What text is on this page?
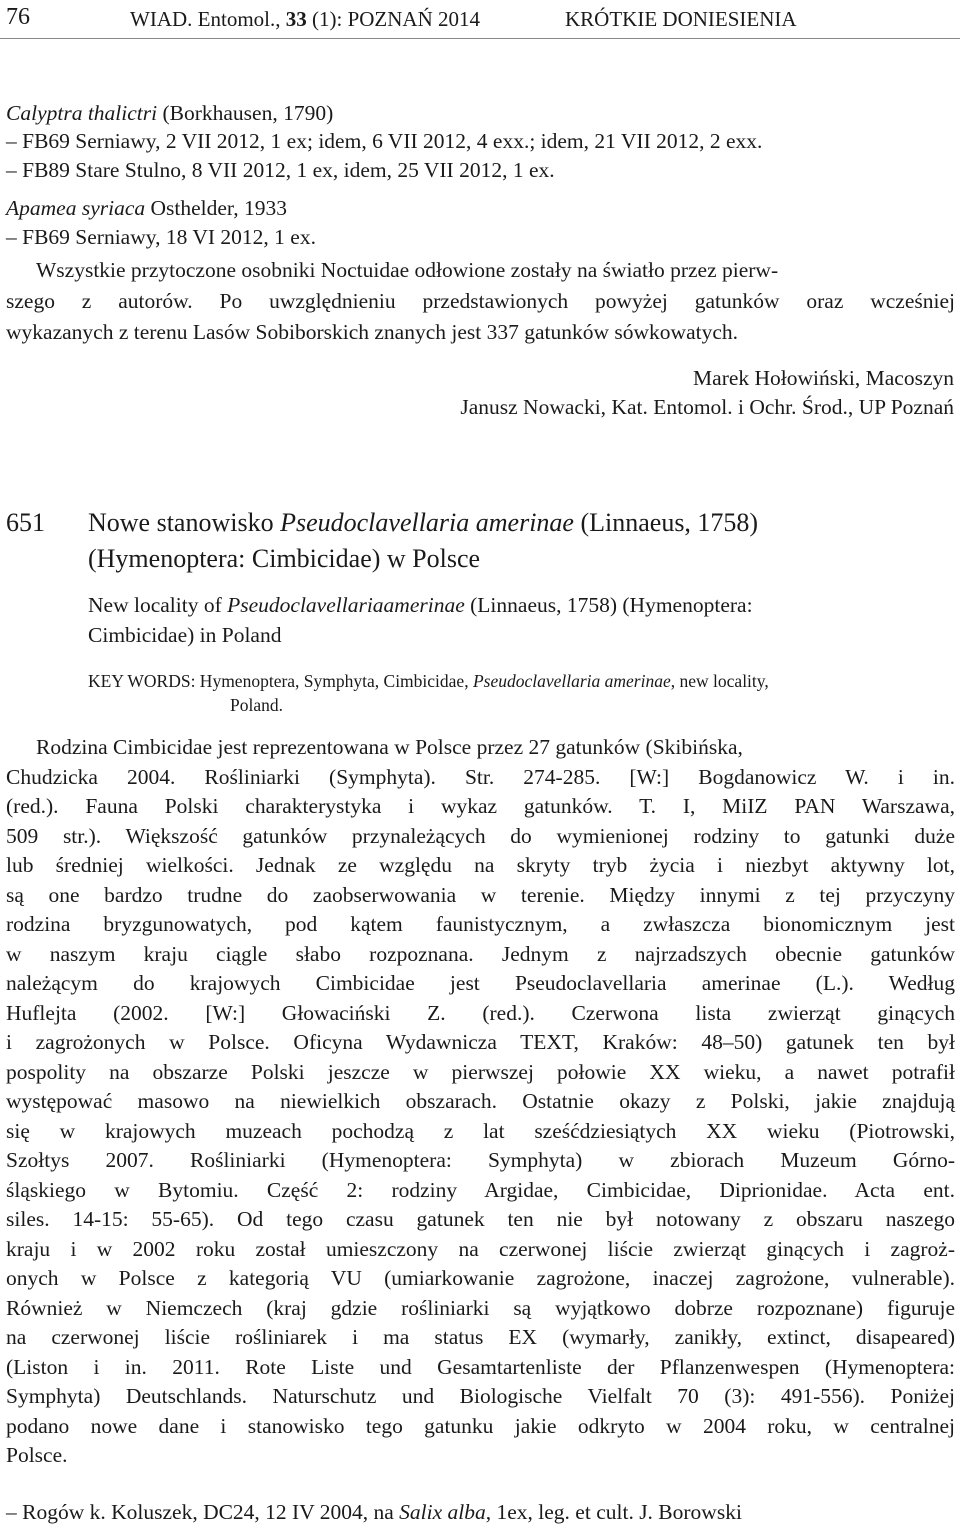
76	WIAD. Entomol., 33 (1): POZNAŃ 2014	KRÓTKIE DONIESIENIA
Calyptra thalictri (Borkhausen, 1790)
– FB69 Serniawy, 2 VII 2012, 1 ex; idem, 6 VII 2012, 4 exx.; idem, 21 VII 2012, 2 exx.
– FB89 Stare Stulno, 8 VII 2012, 1 ex, idem, 25 VII 2012, 1 ex.
Apamea syriaca Osthelder, 1933
– FB69 Serniawy, 18 VI 2012, 1 ex.
Wszystkie przytoczone osobniki Noctuidae odłowione zostały na światło przez pierw-
szego z autorów. Po uwzględnieniu przedstawionych powyżej gatunków oraz wcześniej
wykazanych z terenu Lasów Sobiborskich znanych jest 337 gatunków sówkowatych.
Marek Hołowiński, Macoszyn
Janusz Nowacki, Kat. Entomol. i Ochr. Środ., UP Poznań
651 Nowe stanowisko Pseudoclavellaria amerinae (Linnaeus, 1758)
(Hymenoptera: Cimbicidae) w Polsce
New locality of Pseudoclavellariaamerinae (Linnaeus, 1758) (Hymenoptera:
Cimbicidae) in Poland
KEY WORDS: Hymenoptera, Symphyta, Cimbicidae, Pseudoclavellaria amerinae, new locality,
Poland.
Rodzina Cimbicidae jest reprezentowana w Polsce przez 27 gatunków (Skibińska,
Chudzicka 2004. Rośliniarki (Symphyta). Str. 274-285. [W:] Bogdanowicz W. i in.
(red.). Fauna Polski charakterystyka i wykaz gatunków. T. I, MiIZ PAN Warszawa,
509 str.). Większość gatunków przynależących do wymienionej rodziny to gatunki duże
lub średniej wielkości. Jednak ze względu na skryty tryb życia i niezbyt aktywny lot,
są one bardzo trudne do zaobserwowania w terenie. Między innymi z tej przyczyny
rodzina bryzgunowatych, pod kątem faunistycznym, a zwłaszcza bionomicznym jest
w naszym kraju ciągle słabo rozpoznana. Jednym z najrzadszych obecnie gatunków
należącym do krajowych Cimbicidae jest Pseudoclavellaria amerinae (L.). Według
Huflejta (2002. [W:] Głowaciński Z. (red.). Czerwona lista zwierząt ginących
i zagrożonych w Polsce. Oficyna Wydawnicza TEXT, Kraków: 48–50) gatunek ten był
pospolity na obszarze Polski jeszcze w pierwszej połowie XX wieku, a nawet potrafił
występować masowo na niewielkich obszarach. Ostatnie okazy z Polski, jakie znajdują
się w krajowych muzeach pochodzą z lat sześćdziesiątych XX wieku (Piotrowski,
Szołtys 2007. Rośliniarki (Hymenoptera: Symphyta) w zbiorach Muzeum Górno-
śląskiego w Bytomiu. Część 2: rodziny Argidae, Cimbicidae, Diprionidae. Acta ent.
siles. 14-15: 55-65). Od tego czasu gatunek ten nie był notowany z obszaru naszego
kraju i w 2002 roku został umieszczony na czerwonej liście zwierząt ginących i zagroż-
onych w Polsce z kategorią VU (umiarkowanie zagrożone, inaczej zagrożone, vulnerable).
Również w Niemczech (kraj gdzie rośliniarki są wyjątkowo dobrze rozpoznane) figuruje
na czerwonej liście rośliniarek i ma status EX (wymarły, zanikły, extinct, disapeared)
(Liston i in. 2011. Rote Liste und Gesamtartenliste der Pflanzenwespen (Hymenoptera:
Symphyta) Deutschlands. Naturschutz und Biologische Vielfalt 70 (3): 491-556). Poniżej
podano nowe dane i stanowisko tego gatunku jakie odkryto w 2004 roku, w centralnej
Polsce.
– Rogów k. Koluszek, DC24, 12 IV 2004, na Salix alba, 1ex, leg. et cult. J. Borowski
